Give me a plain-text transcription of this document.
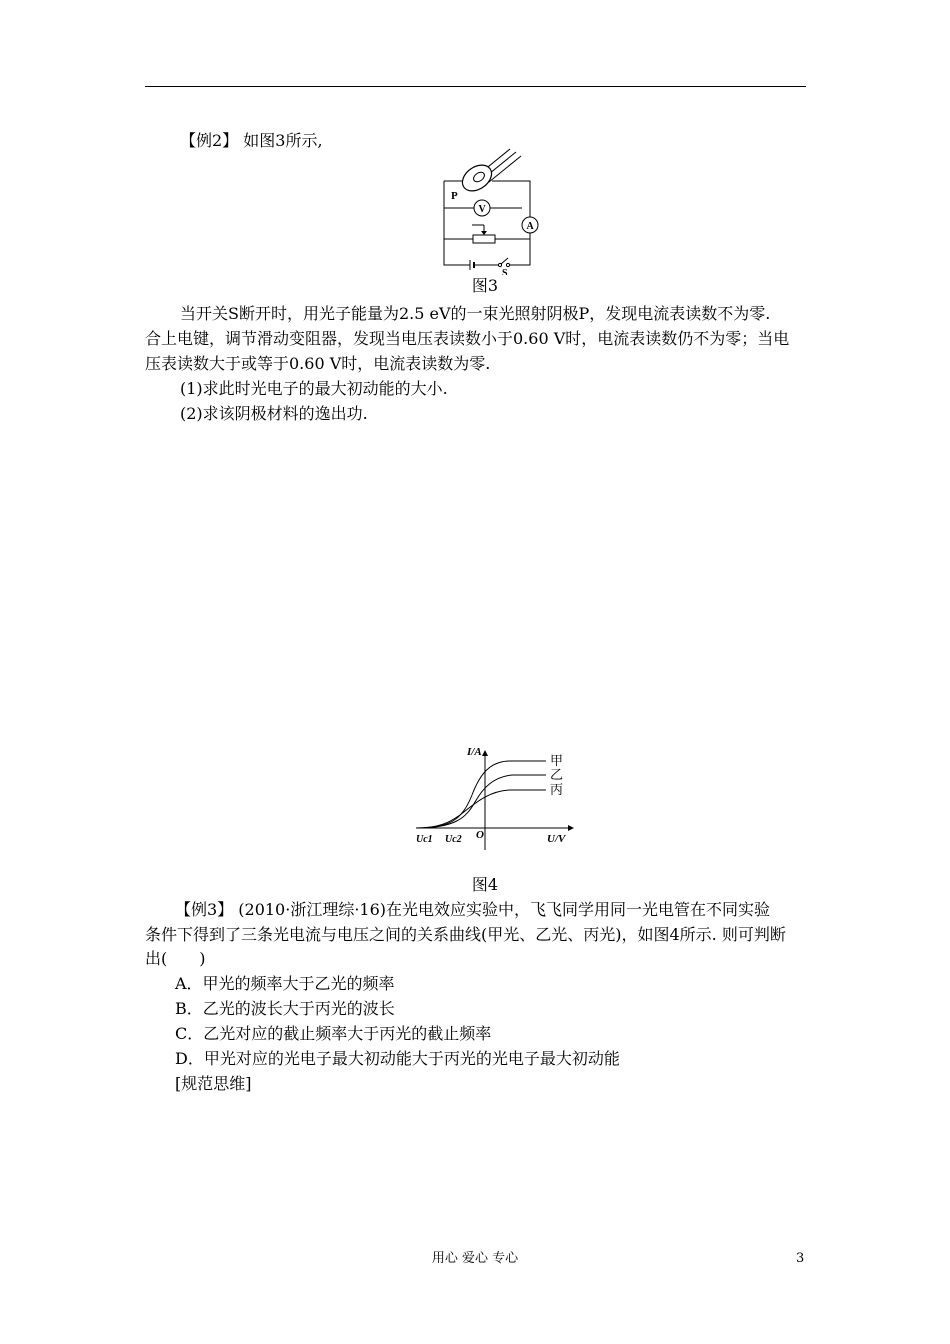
【例2】 如图3所示,
P
V
A
S
图3
当开关S断开时，用光子能量为2.5 eV的一束光照射阴极P，发现电流表读数不为零.
合上电键，调节滑动变阻器，发现当电压表读数小于0.60 V时，电流表读数仍不为零；当电
压表读数大于或等于0.60 V时，电流表读数为零.
(1)求此时光电子的最大初动能的大小.
(2)求该阴极材料的逸出功.
甲
乙
丙
I/A
U/V
O
Uc1 Uc2
图4
【例3】 (2010·浙江理综·16)在光电效应实验中，飞飞同学用同一光电管在不同实验
条件下得到了三条光电流与电压之间的关系曲线(甲光、乙光、丙光)，如图4所示. 则可判断
出(　　)
A．甲光的频率大于乙光的频率
B．乙光的波长大于丙光的波长
C．乙光对应的截止频率大于丙光的截止频率
D．甲光对应的光电子最大初动能大于丙光的光电子最大初动能
[规范思维]
用心 爱心 专心	3
